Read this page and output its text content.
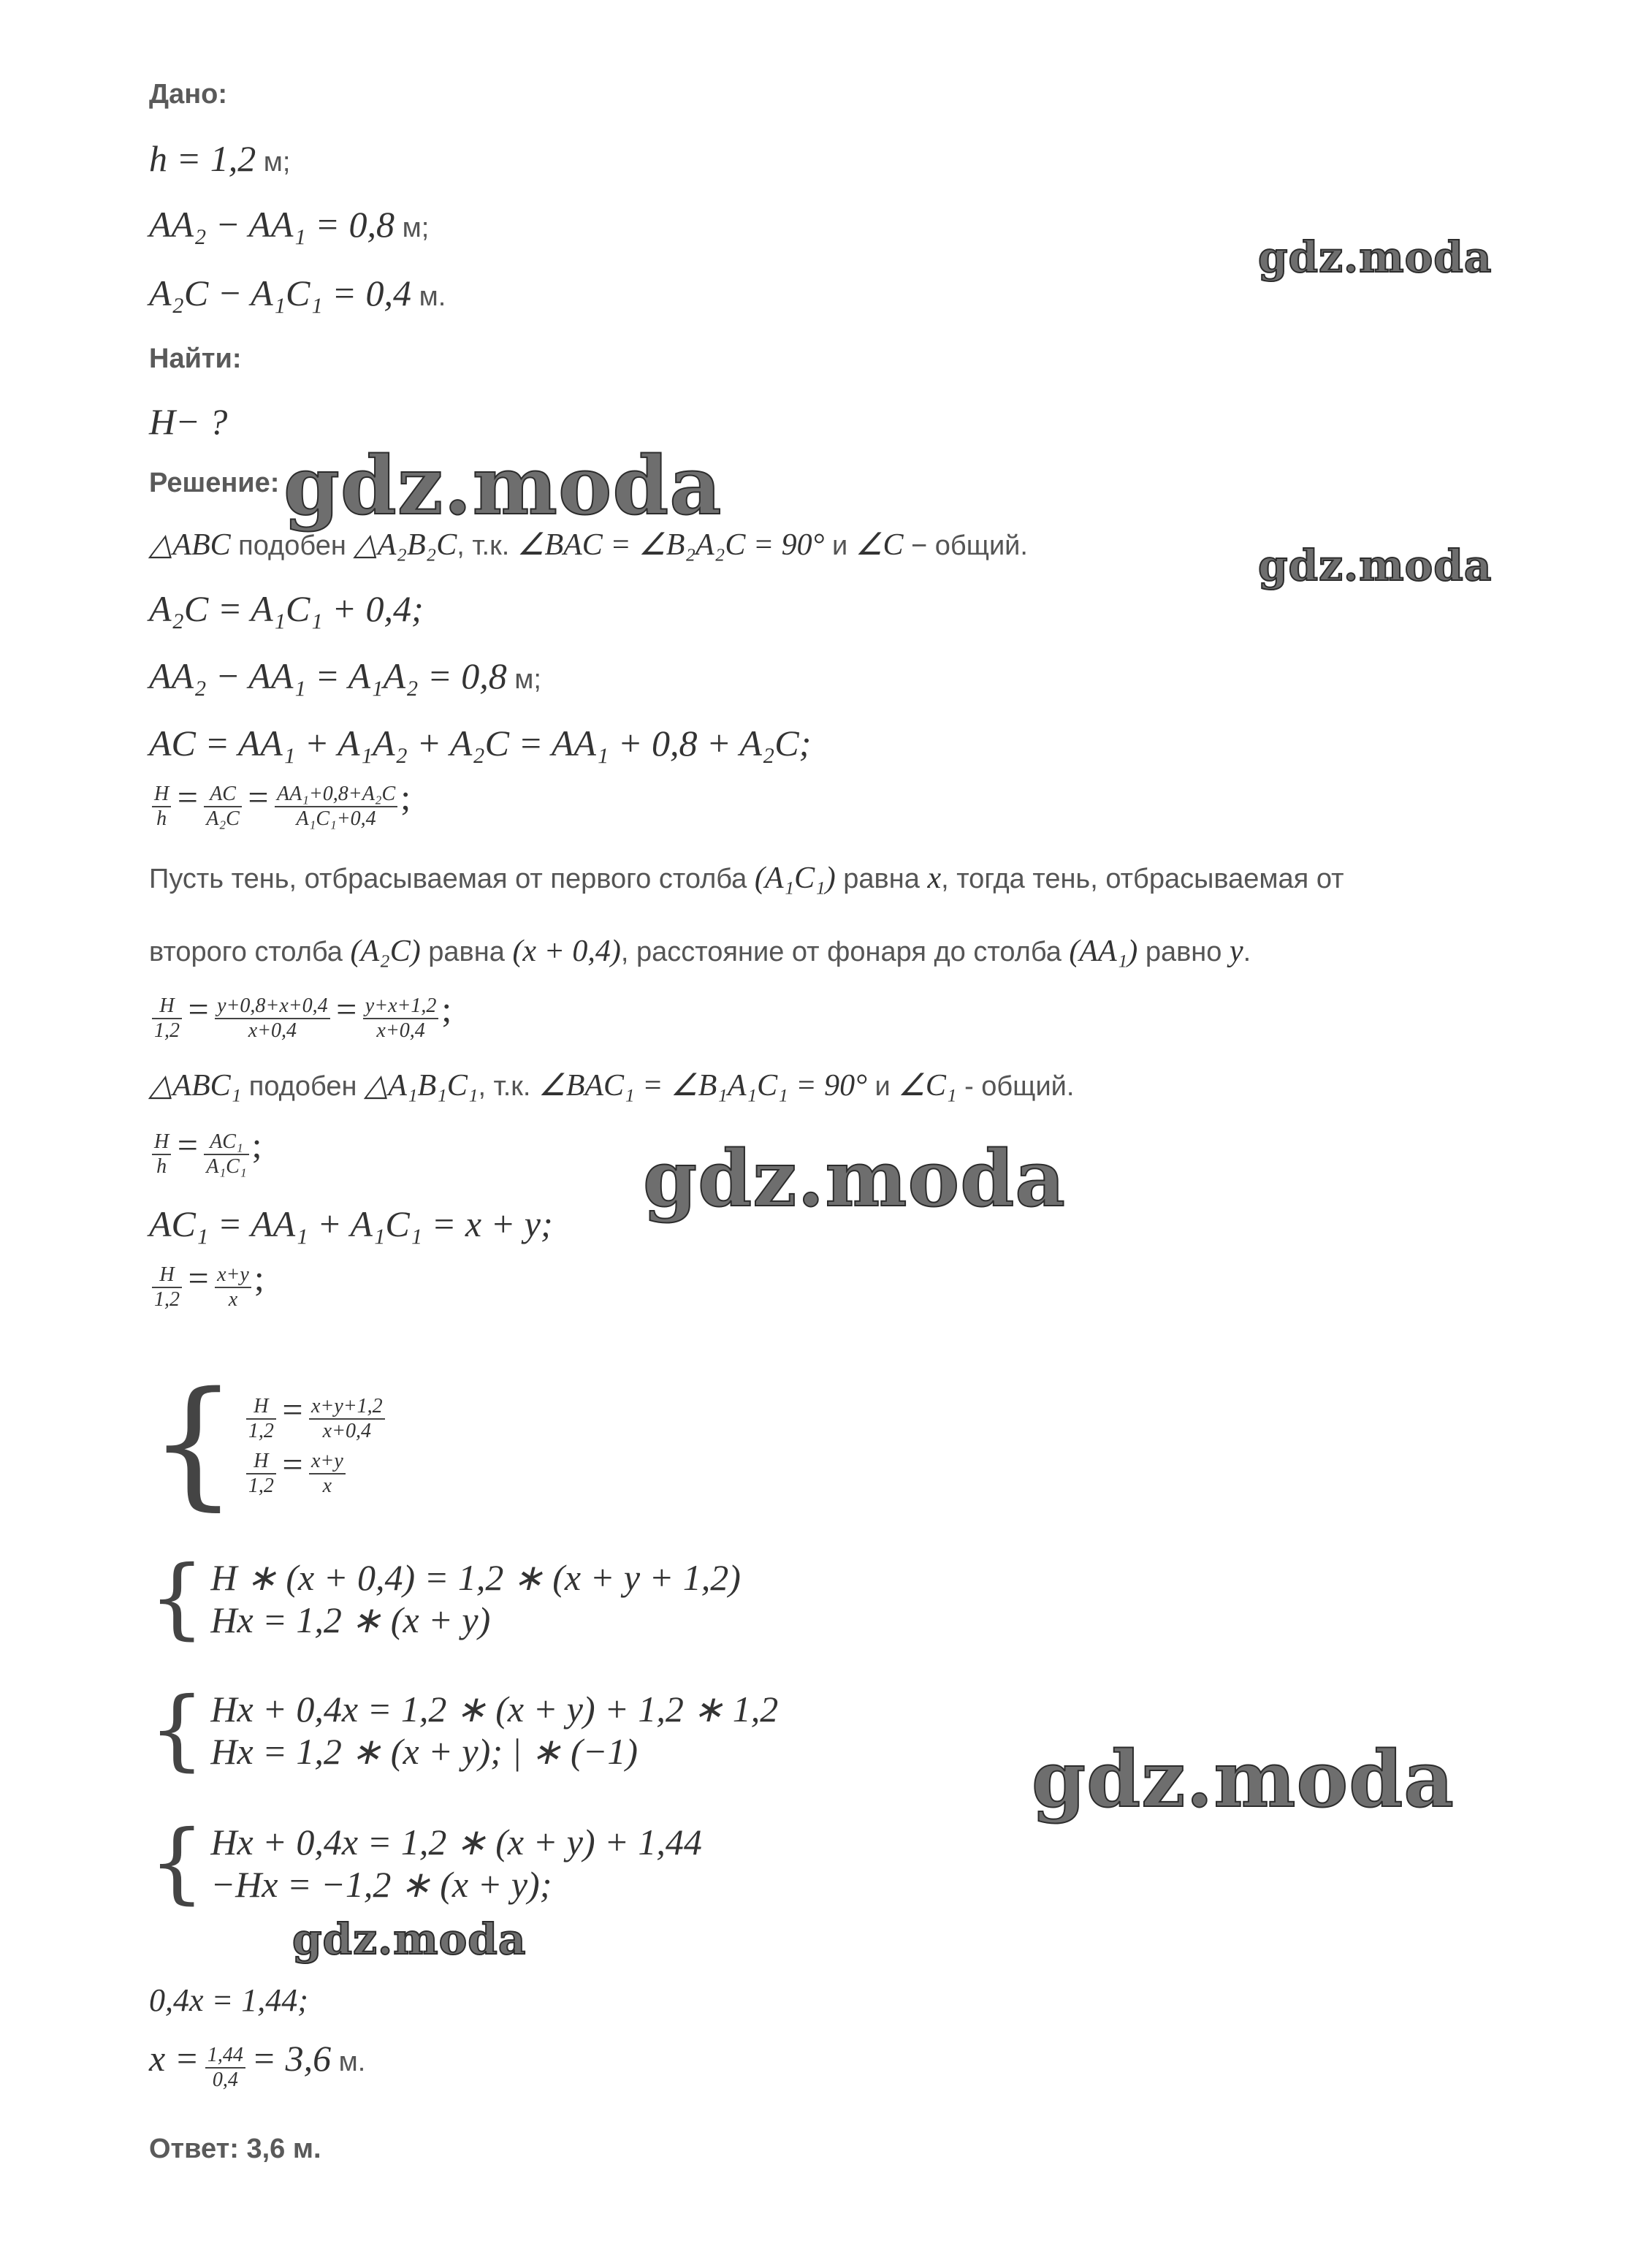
Дано:
h = 1,2 м;
AA₂ − AA₁ = 0,8 м;
A₂C − A₁C₁ = 0,4 м.
Найти:
H− ?
Решение:
△ABC подобен △A₂B₂C, т.к. ∠BAC = ∠B₂A₂C = 90° и ∠C − общий.
A₂C = A₁C₁ + 0,4;
AA₂ − AA₁ = A₁A₂ = 0,8 м;
AC = AA₁ + A₁A₂ + A₂C = AA₁ + 0,8 + A₂C;
$\frac{H}{h} = \frac{AC}{\text{A₂C}} = \frac{\text{AA₁+0,8+A₂C}}{\text{A₁C₁+0,4}}$ ;
Пусть тень, отбрасываемая от первого столба (A₁C₁) равна x, тогда тень, отбрасываемая от
второго столба (A₂C) равна (x + 0,4), расстояние от фонаря до столба (AA₁) равно y.
$\frac{H}{1,2} = \frac{y+0,8+x+0,4}{x+0,4} = \frac{y+x+1,2}{x+0,4}$ ;
△ABC₁ подобен △A₁B₁C₁, т.к. ∠BAC₁ = ∠B₁A₁C₁ = 90° и ∠C₁ - общий.
$\frac{H}{h} = \frac{\text{AC₁}}{\text{A₁C₁}}$ ;
AC₁ = AA₁ + A₁C₁ = x + y;
$\frac{H}{1,2} = \frac{x+y}{x}$ ;
{ $\frac{H}{1,2} = \frac{x+y+1,2}{x+0,4}$
$\frac{H}{1,2} = \frac{x+y}{x}$
{ H ∗ (x + 0,4) = 1,2 ∗ (x + y + 1,2)
Hx = 1,2 ∗ (x + y)
{ Hx + 0,4x = 1,2 ∗ (x + y) + 1,2 ∗ 1,2
Hx = 1,2 ∗ (x + y); | ∗ (−1)
{ Hx + 0,4x = 1,2 ∗ (x + y) + 1,44
−Hx = −1,2 ∗ (x + y);
0,4x = 1,44;
$x = \frac{1,44}{0,4} = 3,6$ м.
Ответ: 3,6 м.
gdz.moda
gdz.moda
gdz.moda
gdz.moda
gdz.moda
gdz.moda
